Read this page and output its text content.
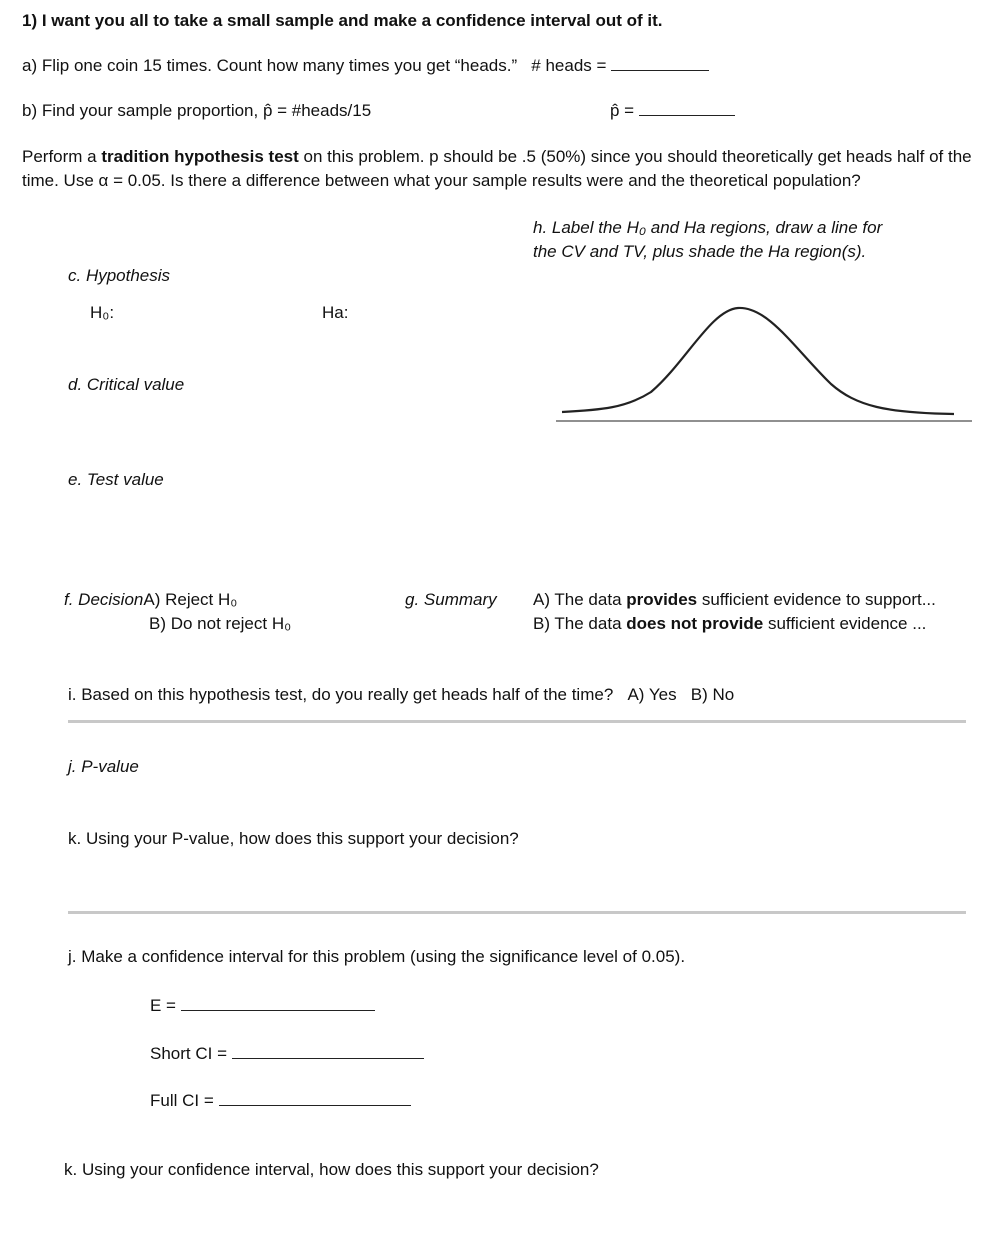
1) I want you all to take a small sample and make a confidence interval out of it.
a) Flip one coin 15 times. Count how many times you get “heads.” # heads =
b) Find your sample proportion, p̂ = #heads/15	p̂ =
Perform a tradition hypothesis test on this problem. p should be .5 (50%) since you should theoretically get heads half of the time. Use α = 0.05. Is there a difference between what your sample results were and the theoretical population?
h. Label the H₀ and Ha regions, draw a line for
the CV and TV, plus shade the Ha region(s).
c. Hypothesis
H₀:	Ha:
d. Critical value
e. Test value
f. DecisionA) Reject H₀
B) Do not reject H₀
g. Summary A) The data provides sufficient evidence to support...
B) The data does not provide sufficient evidence ...
i. Based on this hypothesis test, do you really get heads half of the time? A) Yes B) No
j. P-value
k. Using your P-value, how does this support your decision?
j. Make a confidence interval for this problem (using the significance level of 0.05).
E =
Short CI =
Full CI =
k. Using your confidence interval, how does this support your decision?
